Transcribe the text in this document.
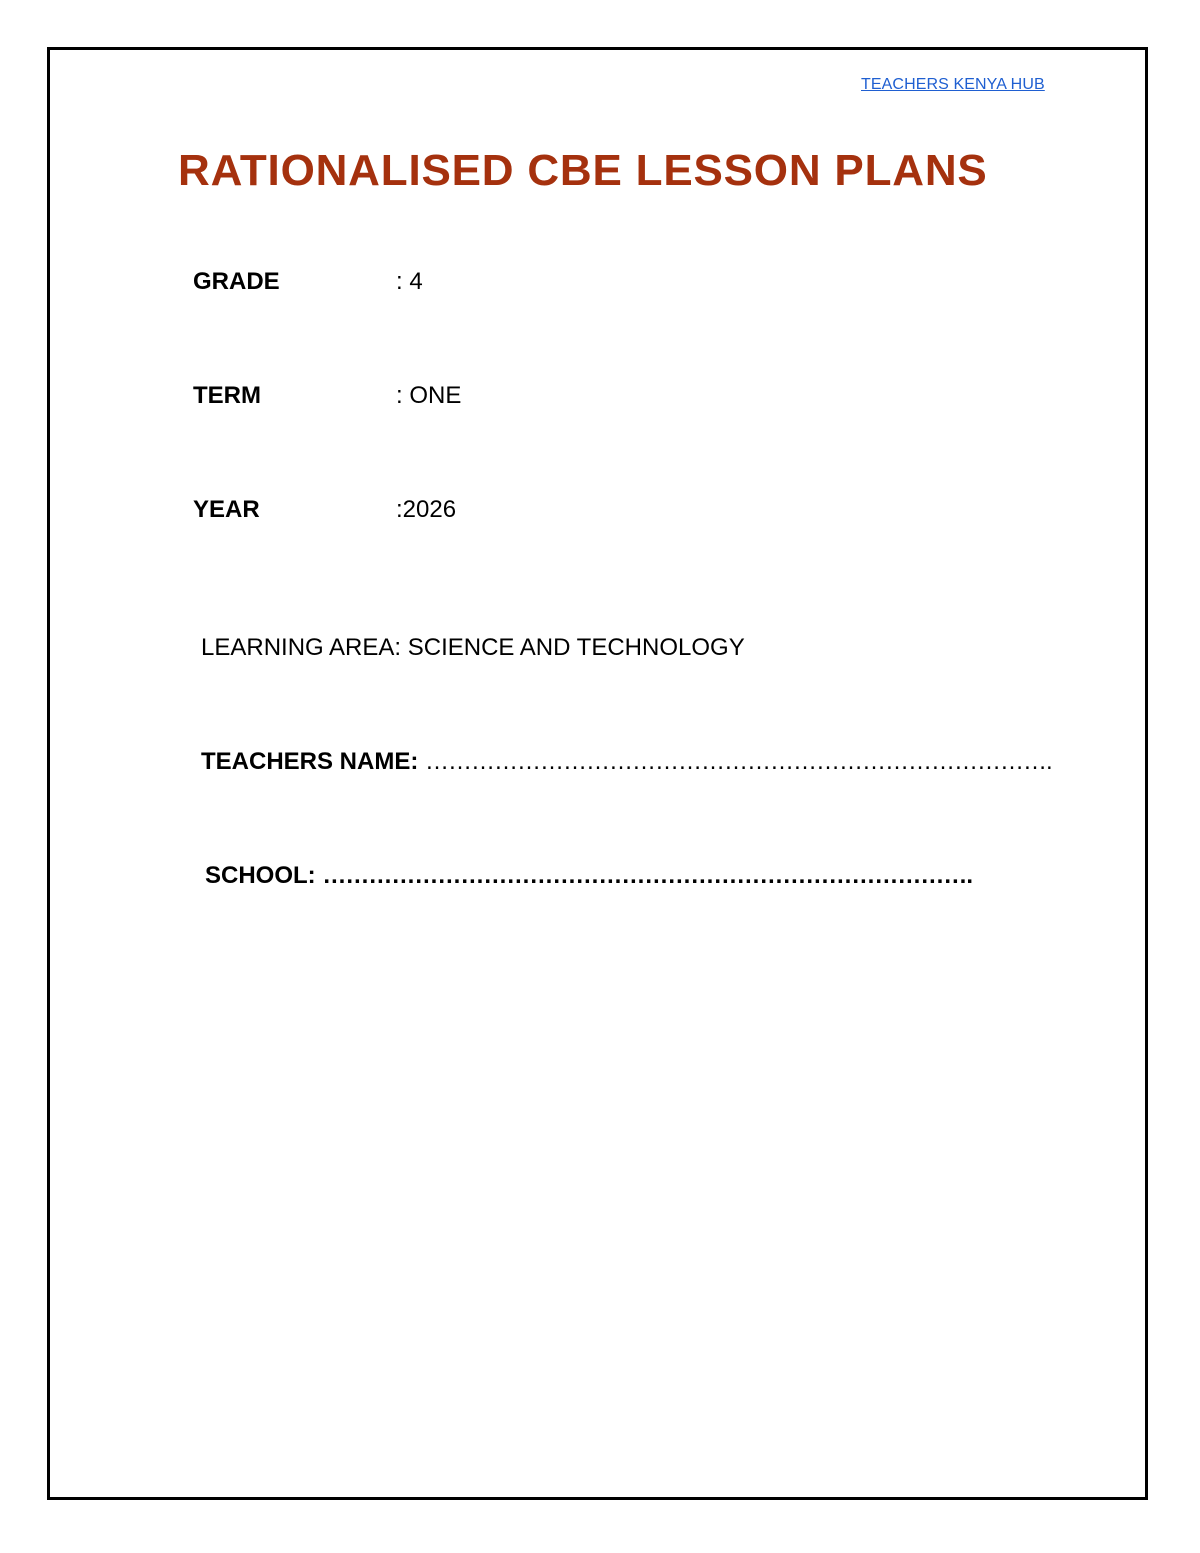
TEACHERS KENYA HUB
RATIONALISED CBE LESSON PLANS
GRADE	: 4
TERM	: ONE
YEAR	:2026
LEARNING AREA: SCIENCE AND TECHNOLOGY
TEACHERS NAME: ……………………………………………………………………….
SCHOOL: ………………………………………………………………………….
